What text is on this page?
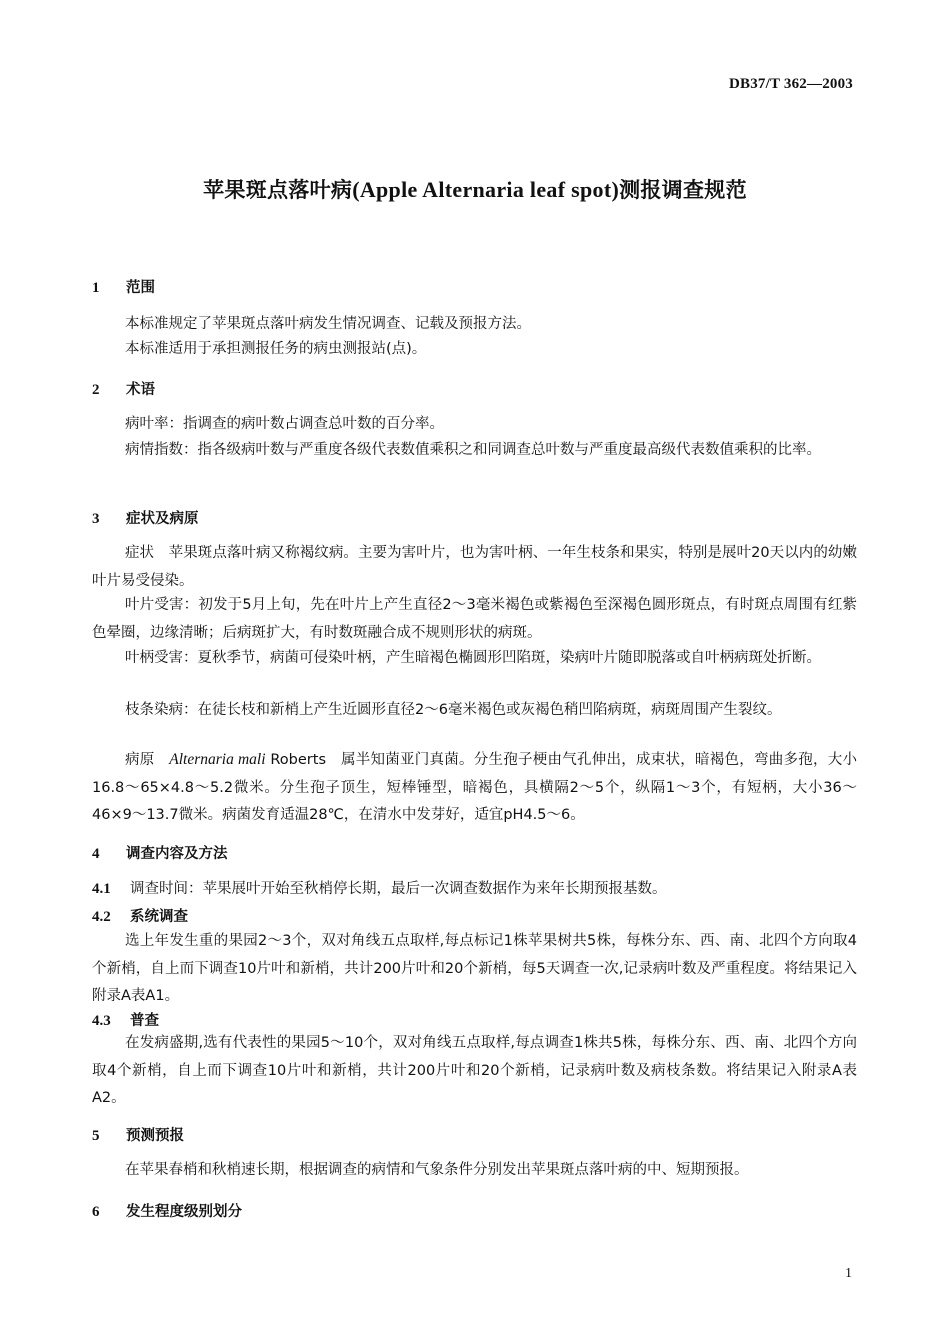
DB37/T 362—2003
苹果斑点落叶病(Apple Alternaria leaf spot)测报调查规范
1 范围

本标准规定了苹果斑点落叶病发生情况调查、记载及预报方法。

本标准适用于承担测报任务的病虫测报站(点)。

2 术语

病叶率：指调查的病叶数占调查总叶数的百分率。

病情指数：指各级病叶数与严重度各级代表数值乘积之和同调查总叶数与严重度最高级代表数值乘积的比率。

3 症状及病原

症状　苹果斑点落叶病又称褐纹病。主要为害叶片，也为害叶柄、一年生枝条和果实，特别是展叶20天以内的幼嫩叶片易受侵染。

叶片受害：初发于5月上旬，先在叶片上产生直径2～3毫米褐色或紫褐色至深褐色圆形斑点，有时斑点周围有红紫色晕圈，边缘清晰；后病斑扩大，有时数斑融合成不规则形状的病斑。

叶柄受害：夏秋季节，病菌可侵染叶柄，产生暗褐色椭圆形凹陷斑，染病叶片随即脱落或自叶柄病斑处折断。

枝条染病：在徒长枝和新梢上产生近圆形直径2～6毫米褐色或灰褐色稍凹陷病斑，病斑周围产生裂纹。

病原　Alternaria mali Roberts　属半知菌亚门真菌。分生孢子梗由气孔伸出，成束状，暗褐色，弯曲多孢，大小16.8～65×4.8～5.2微米。分生孢子顶生，短棒锤型，暗褐色，具横隔2～5个，纵隔1～3个，有短柄，大小36～46×9～13.7微米。病菌发育适温28℃，在清水中发芽好，适宜pH4.5～6。

4 调查内容及方法
4.1 调查时间：苹果展叶开始至秋梢停长期，最后一次调查数据作为来年长期预报基数。
4.2 系统调查

选上年发生重的果园2～3个，双对角线五点取样,每点标记1株苹果树共5株，每株分东、西、南、北四个方向取4个新梢，自上而下调查10片叶和新梢，共计200片叶和20个新梢，每5天调查一次,记录病叶数及严重程度。将结果记入附录A表A1。

4.3 普查

在发病盛期,选有代表性的果园5～10个，双对角线五点取样,每点调查1株共5株，每株分东、西、南、北四个方向取4个新梢，自上而下调查10片叶和新梢，共计200片叶和20个新梢，记录病叶数及病枝条数。将结果记入附录A表A2。

5 预测预报

在苹果春梢和秋梢速长期，根据调查的病情和气象条件分别发出苹果斑点落叶病的中、短期预报。

6 发生程度级别划分
1
